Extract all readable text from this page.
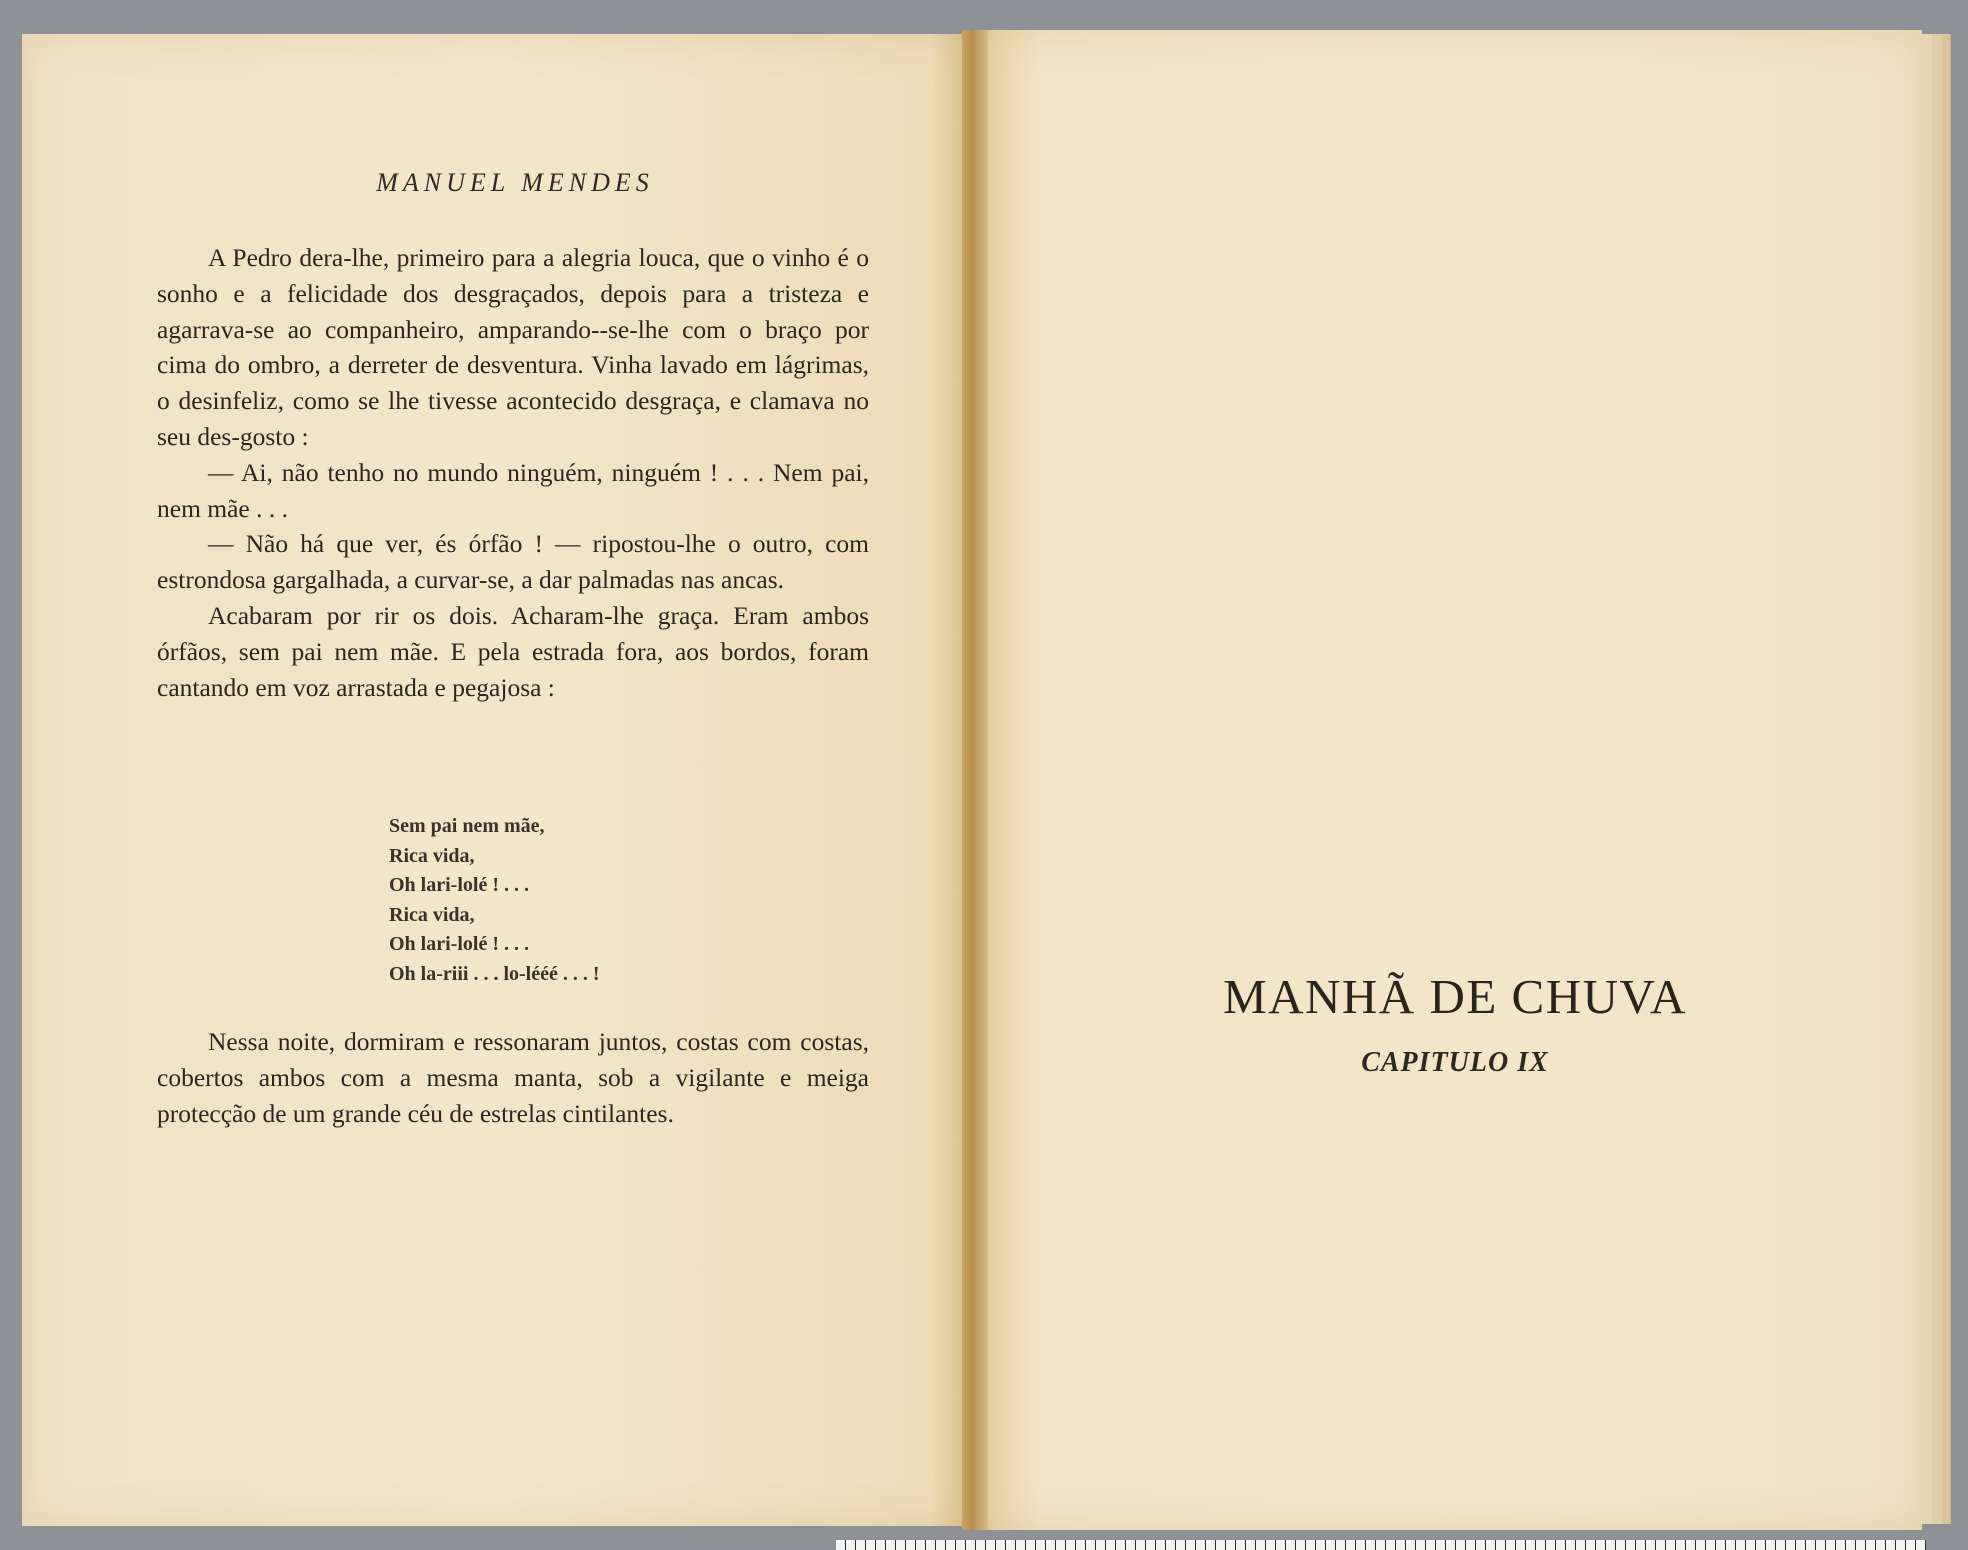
MANUEL MENDES

A Pedro dera-lhe, primeiro para a alegria louca, que o vinho é o sonho e a felicidade dos desgraçados, depois para a tristeza e agarrava-se ao companheiro, amparando--se-lhe com o braço por cima do ombro, a derreter de desventura. Vinha lavado em lágrimas, o desinfeliz, como se lhe tivesse acontecido desgraça, e clamava no seu des-gosto :

— Ai, não tenho no mundo ninguém, ninguém ! . . . Nem pai, nem mãe . . .

— Não há que ver, és órfão ! — ripostou-lhe o outro, com estrondosa gargalhada, a curvar-se, a dar palmadas nas ancas.

Acabaram por rir os dois. Acharam-lhe graça. Eram ambos órfãos, sem pai nem mãe. E pela estrada fora, aos bordos, foram cantando em voz arrastada e pegajosa :

Sem pai nem mãe,
Rica vida,
Oh lari-lolé ! . . .
Rica vida,
Oh lari-lolé ! . . .
Oh la-riii . . . lo-lééé . . . !

Nessa noite, dormiram e ressonaram juntos, costas com costas, cobertos ambos com a mesma manta, sob a vigilante e meiga protecção de um grande céu de estrelas cintilantes.

MANHÃ DE CHUVA
CAPITULO IX
